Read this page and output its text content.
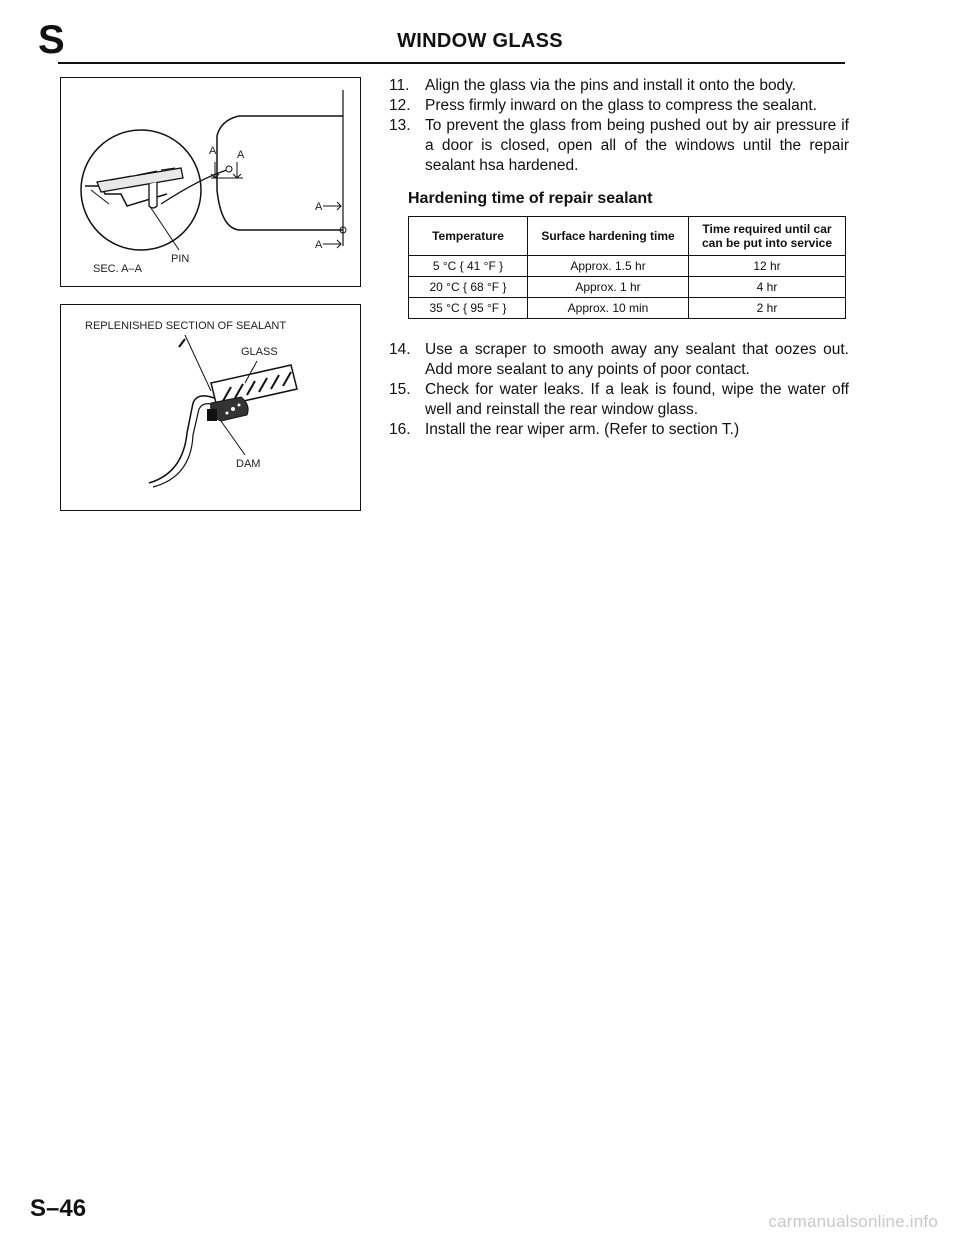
S	WINDOW GLASS
A A
A
A
SEC. A–A
PIN
REPLENISHED SECTION OF SEALANT
GLASS
DAM
11.	Align the glass via the pins and install it onto the body.
12. Press firmly inward on the glass to compress the sealant.
13. To prevent the glass from being pushed out by air pressure if a door is closed, open all of the windows until the repair sealant hsa hardened.
Hardening time of repair sealant
Temperature	Surface hardening time	Time required until car can be put into service
5 °C { 41 °F }	Approx. 1.5 hr	12 hr
20 °C { 68 °F }	Approx. 1 hr	4 hr
35 °C { 95 °F }	Approx. 10 min	2 hr
14. Use a scraper to smooth away any sealant that oozes out. Add more sealant to any points of poor contact.
15. Check for water leaks. If a leak is found, wipe the water off well and reinstall the rear window glass.
16. Install the rear wiper arm. (Refer to section T.)
S–46	carmanualsonline.info
